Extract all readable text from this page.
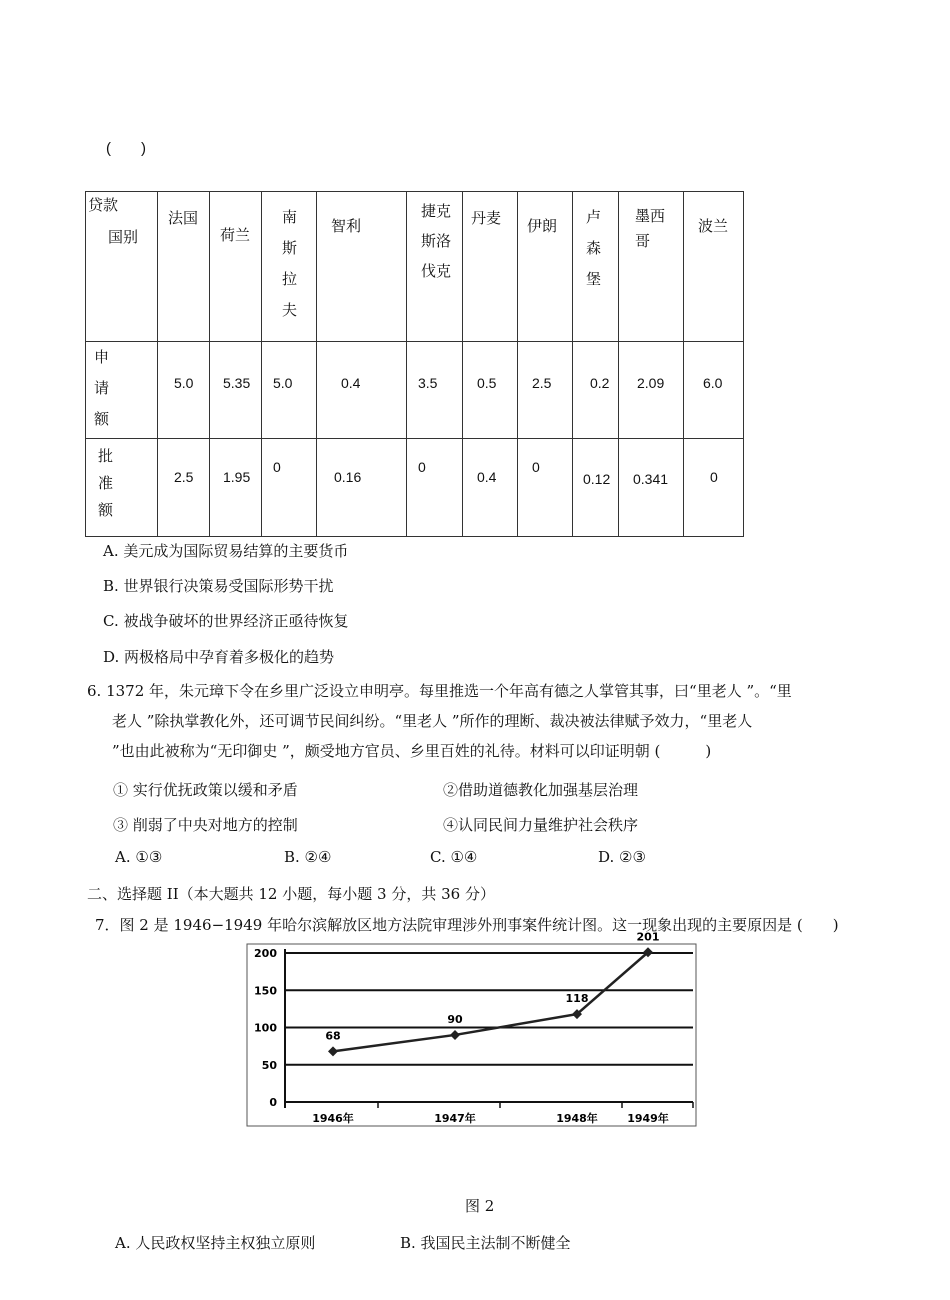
(　　)
贷款
国别	法国	荷兰	南斯拉夫	智利	捷克斯洛伐克	丹麦	伊朗	卢森堡	墨西哥	波兰

申请额	5.0	5.35	5.0	0.4	3.5	0.5	2.5	0.2	2.09	6.0

批准额	2.5	1.95	0	0.16	0	0.4	0	0.12	0.341	0
A. 美元成为国际贸易结算的主要货币
B. 世界银行决策易受国际形势干扰
C. 被战争破坏的世界经济正亟待恢复
D. 两极格局中孕育着多极化的趋势
6. 1372 年，朱元璋下令在乡里广泛设立申明亭。每里推选一个年高有德之人掌管其事，曰“里老人 ”。“里
老人 ”除执掌教化外，还可调节民间纠纷。“里老人 ”所作的理断、裁决被法律赋予效力，“里老人
”也由此被称为“无印御史 ”，颇受地方官员、乡里百姓的礼待。材料可以印证明朝 (　　　)
① 实行优抚政策以缓和矛盾	②借助道德教化加强基层治理
③ 削弱了中央对地方的控制	④认同民间力量维护社会秩序
A. ①③	B. ②④	C. ①④	D. ②③
二、选择题 II（本大题共 12 小题，每小题 3 分，共 36 分）
7．图 2 是 1946−1949 年哈尔滨解放区地方法院审理涉外刑事案件统计图。这一现象出现的主要原因是 (　　)
0
50
100
150
200
1946年	1947年	1948年	1949年
68
90
118
201
图 2
A. 人民政权坚持主权独立原则	B. 我国民主法制不断健全
